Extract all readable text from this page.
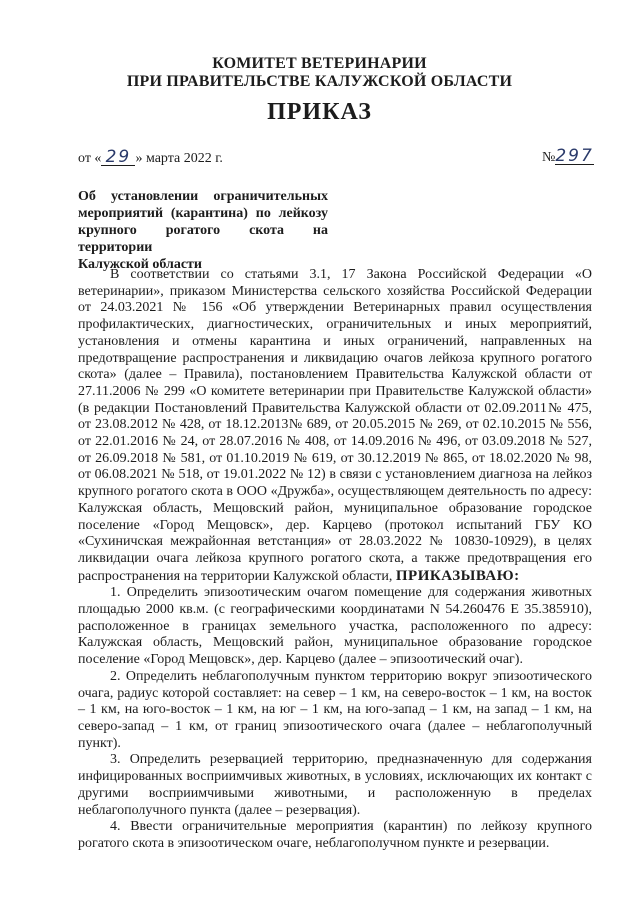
КОМИТЕТ ВЕТЕРИНАРИИ
ПРИ ПРАВИТЕЛЬСТВЕ КАЛУЖСКОЙ ОБЛАСТИ
ПРИКАЗ
от « 29 » марта 2022 г.	№297
Об установлении ограничительных
мероприятий (карантина) по лейкозу
крупного рогатого скота на территории
Калужской области

В соответствии со статьями 3.1, 17 Закона Российской Федерации «О ветеринарии», приказом Министерства сельского хозяйства Российской Федерации от 24.03.2021 № 156 «Об утверждении Ветеринарных правил осуществления профилактических, диагностических, ограничительных и иных мероприятий, установления и отмены карантина и иных ограничений, направленных на предотвращение распространения и ликвидацию очагов лейкоза крупного рогатого скота» (далее – Правила), постановлением Правительства Калужской области от 27.11.2006 № 299 «О комитете ветеринарии при Правительстве Калужской области» (в редакции Постановлений Правительства Калужской области от 02.09.2011№ 475, от 23.08.2012 № 428, от 18.12.2013№ 689, от 20.05.2015 № 269, от 02.10.2015 № 556, от 22.01.2016 № 24, от 28.07.2016 № 408, от 14.09.2016 № 496, от 03.09.2018 № 527, от 26.09.2018 № 581, от 01.10.2019 № 619, от 30.12.2019 № 865, от 18.02.2020 № 98, от 06.08.2021 № 518, от 19.01.2022 № 12) в связи с установлением диагноза на лейкоз крупного рогатого скота в ООО «Дружба», осуществляющем деятельность по адресу: Калужская область, Мещовский район, муниципальное образование городское поселение «Город Мещовск», дер. Карцево (протокол испытаний ГБУ КО «Сухиничская межрайонная ветстанция» от 28.03.2022 № 10830-10929), в целях ликвидации очага лейкоза крупного рогатого скота, а также предотвращения его распространения на территории Калужской области, ПРИКАЗЫВАЮ:

1. Определить эпизоотическим очагом помещение для содержания животных площадью 2000 кв.м. (с географическими координатами N 54.260476 E 35.385910), расположенное в границах земельного участка, расположенного по адресу: Калужская область, Мещовский район, муниципальное образование городское поселение «Город Мещовск», дер. Карцево (далее – эпизоотический очаг).

2. Определить неблагополучным пунктом территорию вокруг эпизоотического очага, радиус которой составляет: на север – 1 км, на северо-восток – 1 км, на восток – 1 км, на юго-восток – 1 км, на юг – 1 км, на юго-запад – 1 км, на запад – 1 км, на северо-запад – 1 км, от границ эпизоотического очага (далее – неблагополучный пункт).

3. Определить резервацией территорию, предназначенную для содержания инфицированных восприимчивых животных, в условиях, исключающих их контакт с другими восприимчивыми животными, и расположенную в пределах неблагополучного пункта (далее – резервация).

4. Ввести ограничительные мероприятия (карантин) по лейкозу крупного рогатого скота в эпизоотическом очаге, неблагополучном пункте и резервации.
